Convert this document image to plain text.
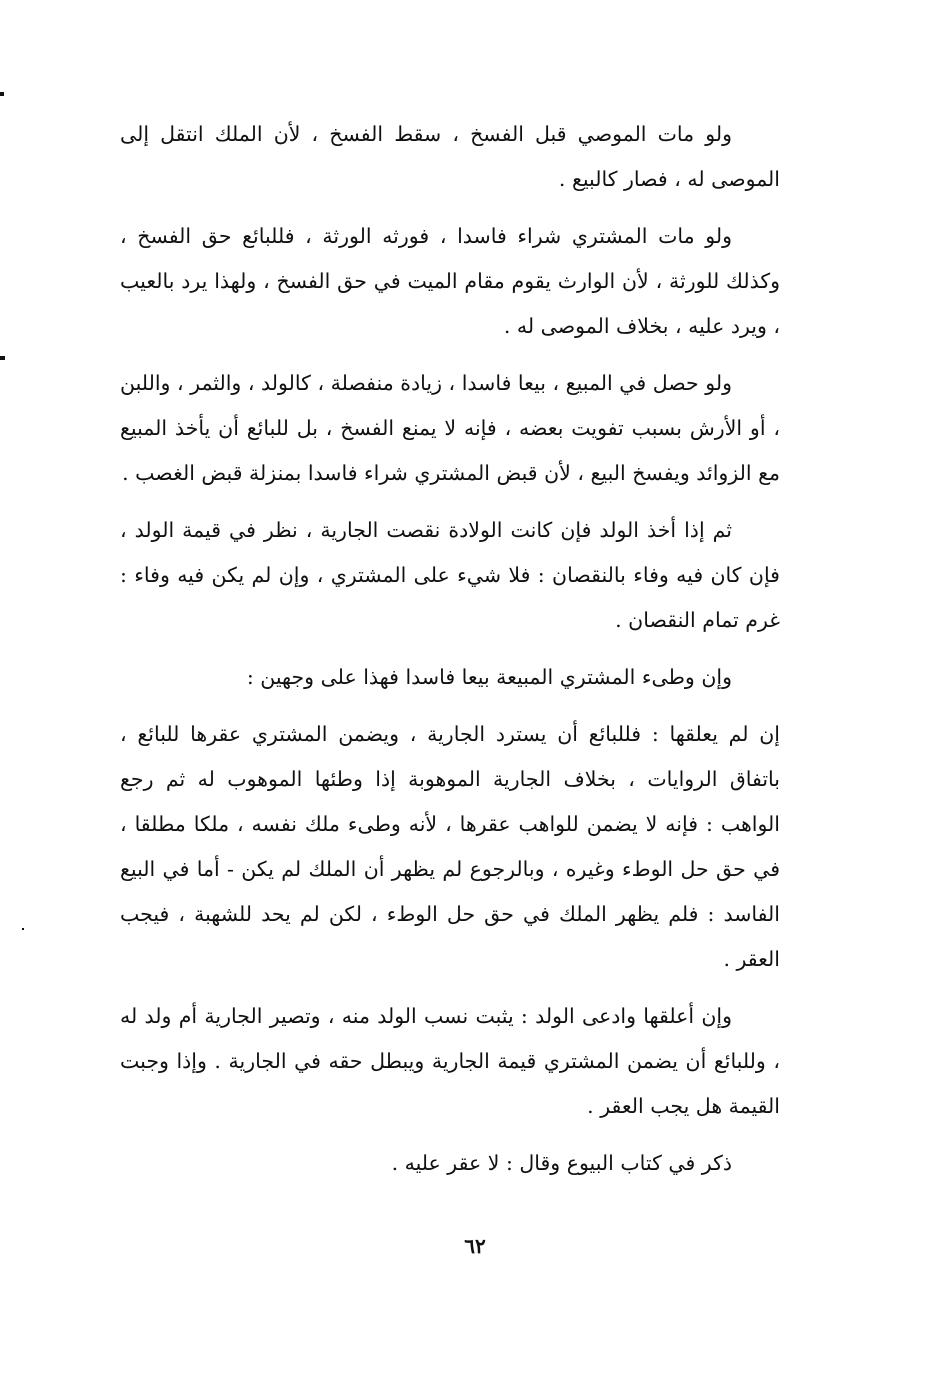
ولو مات الموصي قبل الفسخ ، سقط الفسخ ، لأن الملك انتقل إلى الموصى له ، فصار كالبيع .

ولو مات المشتري شراء فاسدا ، فورثه الورثة ، فللبائع حق الفسخ ، وكذلك للورثة ، لأن الوارث يقوم مقام الميت في حق الفسخ ، ولهذا يرد بالعيب ، ويرد عليه ، بخلاف الموصى له .

ولو حصل في المبيع ، بيعا فاسدا ، زيادة منفصلة ، كالولد ، والثمر ، واللبن ، أو الأرش بسبب تفويت بعضه ، فإنه لا يمنع الفسخ ، بل للبائع أن يأخذ المبيع مع الزوائد ويفسخ البيع ، لأن قبض المشتري شراء فاسدا بمنزلة قبض الغصب .

ثم إذا أخذ الولد فإن كانت الولادة نقصت الجارية ، نظر في قيمة الولد ، فإن كان فيه وفاء بالنقصان : فلا شيء على المشتري ، وإن لم يكن فيه وفاء : غرم تمام النقصان .

وإن وطىء المشتري المبيعة بيعا فاسدا فهذا على وجهين :

إن لم يعلقها : فللبائع أن يسترد الجارية ، ويضمن المشتري عقرها للبائع ، باتفاق الروايات ، بخلاف الجارية الموهوبة إذا وطئها الموهوب له ثم رجع الواهب : فإنه لا يضمن للواهب عقرها ، لأنه وطىء ملك نفسه ، ملكا مطلقا ، في حق حل الوطء وغيره ، وبالرجوع لم يظهر أن الملك لم يكن - أما في البيع الفاسد : فلم يظهر الملك في حق حل الوطء ، لكن لم يحد للشهبة ، فيجب العقر .

وإن أعلقها وادعى الولد : يثبت نسب الولد منه ، وتصير الجارية أم ولد له ، وللبائع أن يضمن المشتري قيمة الجارية ويبطل حقه في الجارية . وإذا وجبت القيمة هل يجب العقر .

ذكر في كتاب البيوع وقال : لا عقر عليه .

٦٢
